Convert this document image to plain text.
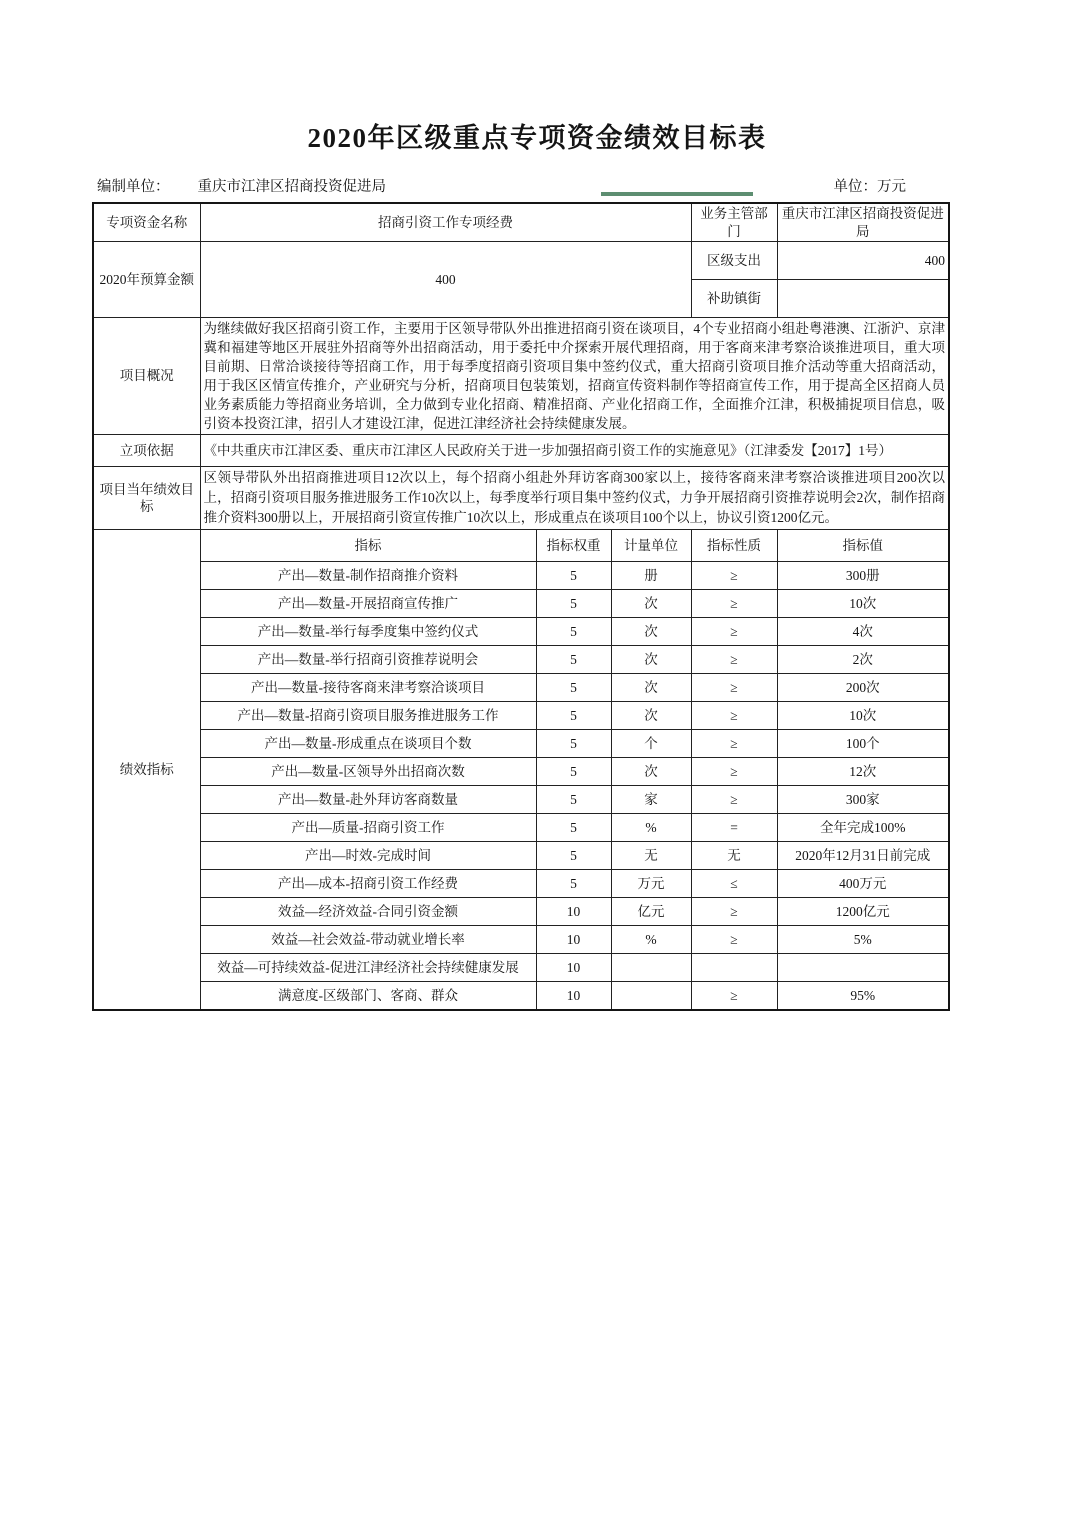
2020年区级重点专项资金绩效目标表
编制单位： 重庆市江津区招商投资促进局	单位：万元
专项资金名称	招商引资工作专项经费			业务主管部门	重庆市江津区招商投资促进局
2020年预算金额	400			区级支出	400
				补助镇街	
项目概况	为继续做好我区招商引资工作，主要用于区领导带队外出推进招商引资在谈项目，4个专业招商小组赴粤港澳、江浙沪、京津冀和福建等地区开展驻外招商等外出招商活动，用于委托中介探索开展代理招商，用于客商来津考察洽谈推进项目，重大项目前期、日常洽谈接待等招商工作，用于每季度招商引资项目集中签约仪式，重大招商引资项目推介活动等重大招商活动，用于我区区情宣传推介，产业研究与分析，招商项目包装策划，招商宣传资料制作等招商宣传工作，用于提高全区招商人员业务素质能力等招商业务培训，全力做到专业化招商、精准招商、产业化招商工作，全面推介江津，积极捕捉项目信息，吸引资本投资江津，招引人才建设江津，促进江津经济社会持续健康发展。				
立项依据	《中共重庆市江津区委、重庆市江津区人民政府关于进一步加强招商引资工作的实施意见》（江津委发【2017】1号）				
项目当年绩效目标	区领导带队外出招商推进项目12次以上，每个招商小组赴外拜访客商300家以上，接待客商来津考察洽谈推进项目200次以上，招商引资项目服务推进服务工作10次以上，每季度举行项目集中签约仪式，力争开展招商引资推荐说明会2次，制作招商推介资料300册以上，开展招商引资宣传推广10次以上，形成重点在谈项目100个以上，协议引资1200亿元。				
绩效指标	指标	指标权重	计量单位	指标性质	指标值
	产出—数量-制作招商推介资料	5	册	≥	300册
	产出—数量-开展招商宣传推广	5	次	≥	10次
	产出—数量-举行每季度集中签约仪式	5	次	≥	4次
	产出—数量-举行招商引资推荐说明会	5	次	≥	2次
	产出—数量-接待客商来津考察洽谈项目	5	次	≥	200次
	产出—数量-招商引资项目服务推进服务工作	5	次	≥	10次
	产出—数量-形成重点在谈项目个数	5	个	≥	100个
	产出—数量-区领导外出招商次数	5	次	≥	12次
	产出—数量-赴外拜访客商数量	5	家	≥	300家
	产出—质量-招商引资工作	5	%	=	全年完成100%
	产出—时效-完成时间	5	无	无	2020年12月31日前完成
	产出—成本-招商引资工作经费	5	万元	≤	400万元
	效益—经济效益-合同引资金额	10	亿元	≥	1200亿元
	效益—社会效益-带动就业增长率	10	%	≥	5%
	效益—可持续效益-促进江津经济社会持续健康发展	10			
	满意度-区级部门、客商、群众	10		≥	95%
